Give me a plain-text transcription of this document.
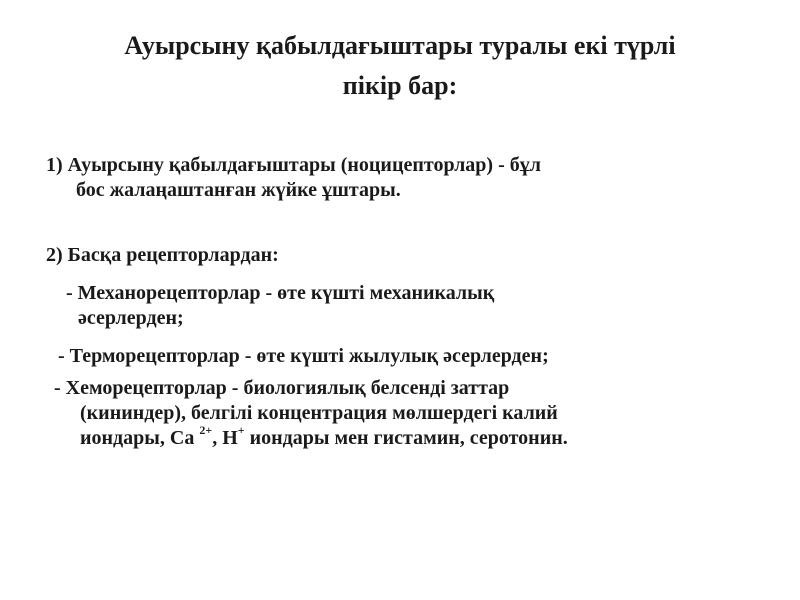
Ауырсыну қабылдағыштары туралы екі түрлі
пікір бар:

1) Ауырсыну қабылдағыштары (ноцицепторлар) - бұл
бос жалаңаштанған жүйке ұштары.

2) Басқа рецепторлардан:

- Механорецепторлар - өте күшті механикалық
әсерлерден;

- Терморецепторлар - өте күшті жылулық әсерлерден;

- Хеморецепторлар - биологиялық белсенді заттар
(кининдер), белгілі концентрация мөлшердегі калий
иондары, Са $^{2+}$, Н+ иондары мен гистамин, серотонин.
